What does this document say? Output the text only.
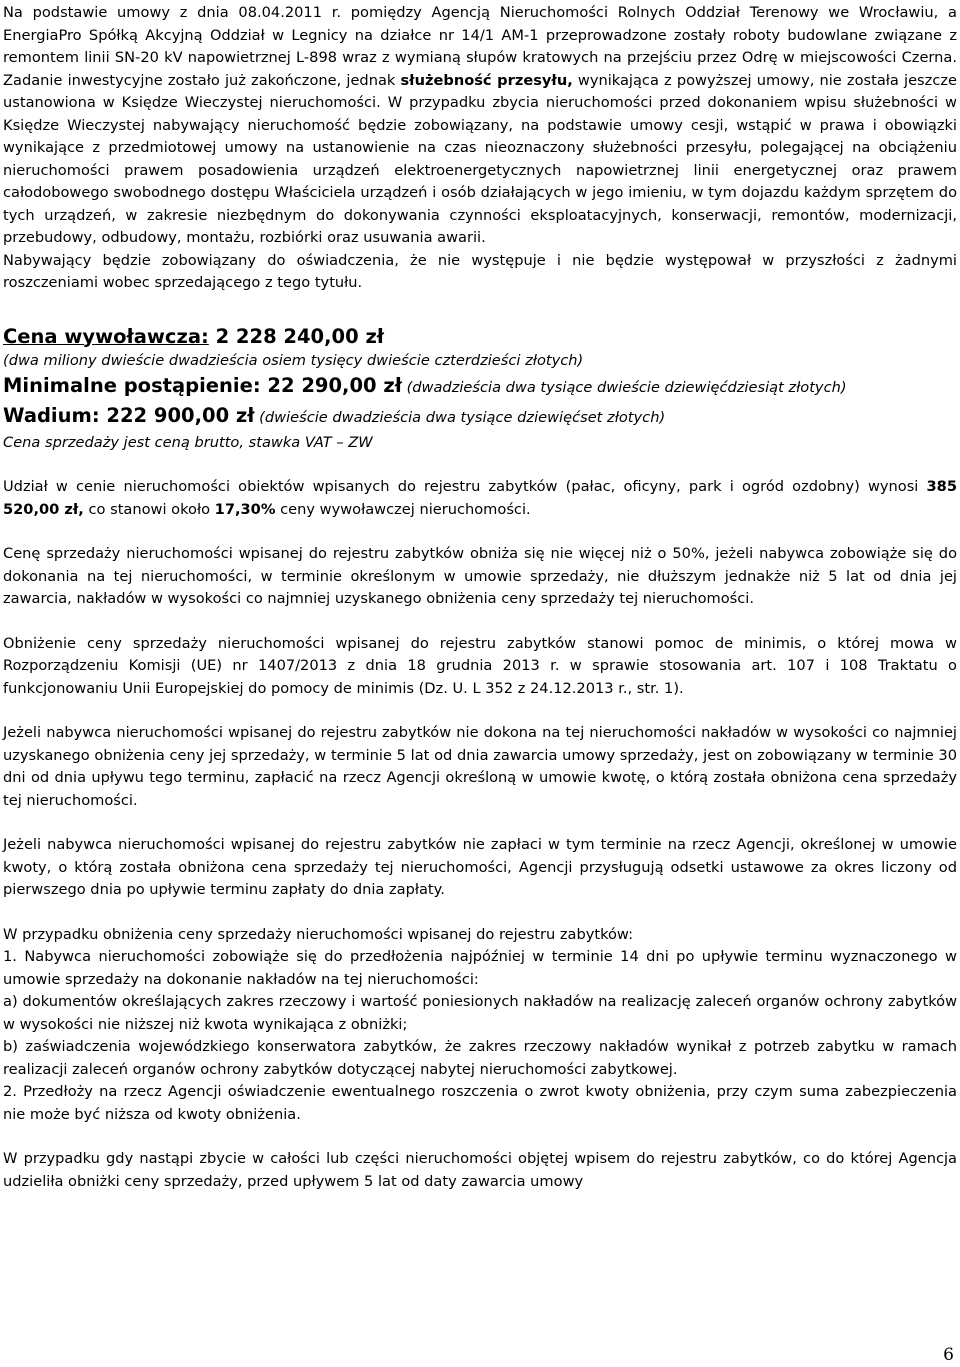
Na podstawie umowy z dnia 08.04.2011 r. pomiędzy Agencją Nieruchomości Rolnych Oddział Terenowy we Wrocławiu, a EnergiaPro Spółką Akcyjną Oddział w Legnicy na działce nr 14/1 AM-1 przeprowadzone zostały roboty budowlane związane z remontem linii SN-20 kV napowietrznej L-898 wraz z wymianą słupów kratowych na przejściu przez Odrę w miejscowości Czerna. Zadanie inwestycyjne zostało już zakończone, jednak służebność przesyłu, wynikająca z powyższej umowy, nie została jeszcze ustanowiona w Księdze Wieczystej nieruchomości. W przypadku zbycia nieruchomości przed dokonaniem wpisu służebności w Księdze Wieczystej nabywający nieruchomość będzie zobowiązany, na podstawie umowy cesji, wstąpić w prawa i obowiązki wynikające z przedmiotowej umowy na ustanowienie na czas nieoznaczony służebności przesyłu, polegającej na obciążeniu nieruchomości prawem posadowienia urządzeń elektroenergetycznych napowietrznej linii energetycznej oraz prawem całodobowego swobodnego dostępu Właściciela urządzeń i osób działających w jego imieniu, w tym dojazdu każdym sprzętem do tych urządzeń, w zakresie niezbędnym do dokonywania czynności eksploatacyjnych, konserwacji, remontów, modernizacji, przebudowy, odbudowy, montażu, rozbiórki oraz usuwania awarii.

Nabywający będzie zobowiązany do oświadczenia, że nie występuje i nie będzie występował w przyszłości z żadnymi roszczeniami wobec sprzedającego z tego tytułu.

Cena wywoławcza: 2 228 240,00 zł

(dwa miliony dwieście dwadzieścia osiem tysięcy dwieście czterdzieści złotych)

Minimalne postąpienie: 22 290,00 zł (dwadzieścia dwa tysiące dwieście dziewięćdziesiąt złotych)

Wadium: 222 900,00 zł (dwieście dwadzieścia dwa tysiące dziewięćset złotych)

Cena sprzedaży jest ceną brutto, stawka VAT – ZW

Udział w cenie nieruchomości obiektów wpisanych do rejestru zabytków (pałac, oficyny, park i ogród ozdobny) wynosi 385 520,00 zł, co stanowi około 17,30% ceny wywoławczej nieruchomości.

Cenę sprzedaży nieruchomości wpisanej do rejestru zabytków obniża się nie więcej niż o 50%, jeżeli nabywca zobowiąże się do dokonania na tej nieruchomości, w terminie określonym w umowie sprzedaży, nie dłuższym jednakże niż 5 lat od dnia jej zawarcia, nakładów w wysokości co najmniej uzyskanego obniżenia ceny sprzedaży tej nieruchomości.

Obniżenie ceny sprzedaży nieruchomości wpisanej do rejestru zabytków stanowi pomoc de minimis, o której mowa w Rozporządzeniu Komisji (UE) nr 1407/2013 z dnia 18 grudnia 2013 r. w sprawie stosowania art. 107 i 108 Traktatu o funkcjonowaniu Unii Europejskiej do pomocy de minimis (Dz. U. L 352 z 24.12.2013 r., str. 1).

Jeżeli nabywca nieruchomości wpisanej do rejestru zabytków nie dokona na tej nieruchomości nakładów w wysokości co najmniej uzyskanego obniżenia ceny jej sprzedaży, w terminie 5 lat od dnia zawarcia umowy sprzedaży, jest on zobowiązany w terminie 30 dni od dnia upływu tego terminu, zapłacić na rzecz Agencji określoną w umowie kwotę, o którą została obniżona cena sprzedaży tej nieruchomości.

Jeżeli nabywca nieruchomości wpisanej do rejestru zabytków nie zapłaci w tym terminie na rzecz Agencji, określonej w umowie kwoty, o którą została obniżona cena sprzedaży tej nieruchomości, Agencji przysługują odsetki ustawowe za okres liczony od pierwszego dnia po upływie terminu zapłaty do dnia zapłaty.

W przypadku obniżenia ceny sprzedaży nieruchomości wpisanej do rejestru zabytków:

1. Nabywca nieruchomości zobowiąże się do przedłożenia najpóźniej w terminie 14 dni po upływie terminu wyznaczonego w umowie sprzedaży na dokonanie nakładów na tej nieruchomości:

a) dokumentów określających zakres rzeczowy i wartość poniesionych nakładów na realizację zaleceń organów ochrony zabytków w wysokości nie niższej niż kwota wynikająca z obniżki;

b) zaświadczenia wojewódzkiego konserwatora zabytków, że zakres rzeczowy nakładów wynikał z potrzeb zabytku w ramach realizacji zaleceń organów ochrony zabytków dotyczącej nabytej nieruchomości zabytkowej.

2. Przedłoży na rzecz Agencji oświadczenie ewentualnego roszczenia o zwrot kwoty obniżenia, przy czym suma zabezpieczenia nie może być niższa od kwoty obniżenia.

W przypadku gdy nastąpi zbycie w całości lub części nieruchomości objętej wpisem do rejestru zabytków, co do której Agencja udzieliła obniżki ceny sprzedaży, przed upływem 5 lat od daty zawarcia umowy

6
